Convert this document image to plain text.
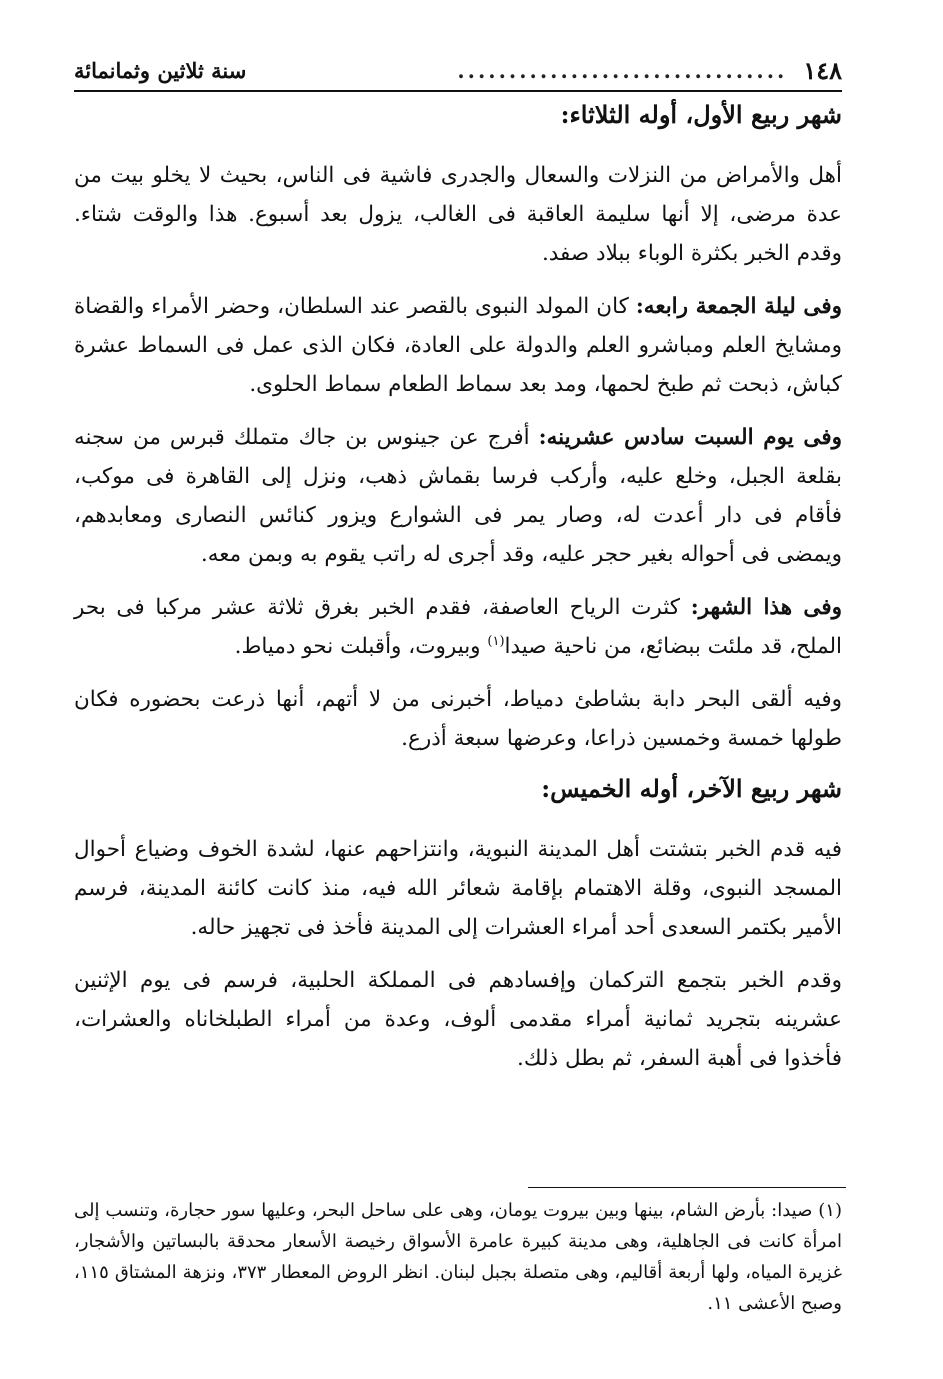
١٤٨
................................
سنة ثلاثين وثمانمائة
شهر ربيع الأول، أوله الثلاثاء:

أهل والأمراض من النزلات والسعال والجدرى فاشية فى الناس، بحيث لا يخلو بيت من عدة مرضى، إلا أنها سليمة العاقبة فى الغالب، يزول بعد أسبوع. هذا والوقت شتاء. وقدم الخبر بكثرة الوباء ببلاد صفد.

وفى ليلة الجمعة رابعه: كان المولد النبوى بالقصر عند السلطان، وحضر الأمراء والقضاة ومشايخ العلم ومباشرو العلم والدولة على العادة، فكان الذى عمل فى السماط عشرة كباش، ذبحت ثم طبخ لحمها، ومد بعد سماط الطعام سماط الحلوى.

وفى يوم السبت سادس عشرينه: أفرج عن جينوس بن جاك متملك قبرس من سجنه بقلعة الجبل، وخلع عليه، وأركب فرسا بقماش ذهب، ونزل إلى القاهرة فى موكب، فأقام فى دار أعدت له، وصار يمر فى الشوارع ويزور كنائس النصارى ومعابدهم، ويمضى فى أحواله بغير حجر عليه، وقد أجرى له راتب يقوم به وبمن معه.

وفى هذا الشهر: كثرت الرياح العاصفة، فقدم الخبر بغرق ثلاثة عشر مركبا فى بحر الملح، قد ملئت ببضائع، من ناحية صيدا$^{(١)}$ وبيروت، وأقبلت نحو دمياط.

وفيه ألقى البحر دابة بشاطئ دمياط، أخبرنى من لا أتهم، أنها ذرعت بحضوره فكان طولها خمسة وخمسين ذراعا، وعرضها سبعة أذرع.

شهر ربيع الآخر، أوله الخميس:

فيه قدم الخبر بتشتت أهل المدينة النبوية، وانتزاحهم عنها، لشدة الخوف وضياع أحوال المسجد النبوى، وقلة الاهتمام بإقامة شعائر الله فيه، منذ كانت كائنة المدينة، فرسم الأمير بكتمر السعدى أحد أمراء العشرات إلى المدينة فأخذ فى تجهيز حاله.

وقدم الخبر بتجمع التركمان وإفسادهم فى المملكة الحلبية، فرسم فى يوم الإثنين عشرينه بتجريد ثمانية أمراء مقدمى ألوف، وعدة من أمراء الطبلخاناه والعشرات، فأخذوا فى أهبة السفر، ثم بطل ذلك.

(١) صيدا: بأرض الشام، بينها وبين بيروت يومان، وهى على ساحل البحر، وعليها سور حجارة، وتنسب إلى امرأة كانت فى الجاهلية، وهى مدينة كبيرة عامرة الأسواق رخيصة الأسعار محدقة بالبساتين والأشجار، غزيرة المياه، ولها أربعة أقاليم، وهى متصلة بجبل لبنان. انظر الروض المعطار ٣٧٣، ونزهة المشتاق ١١٥، وصبح الأعشى ١١.
